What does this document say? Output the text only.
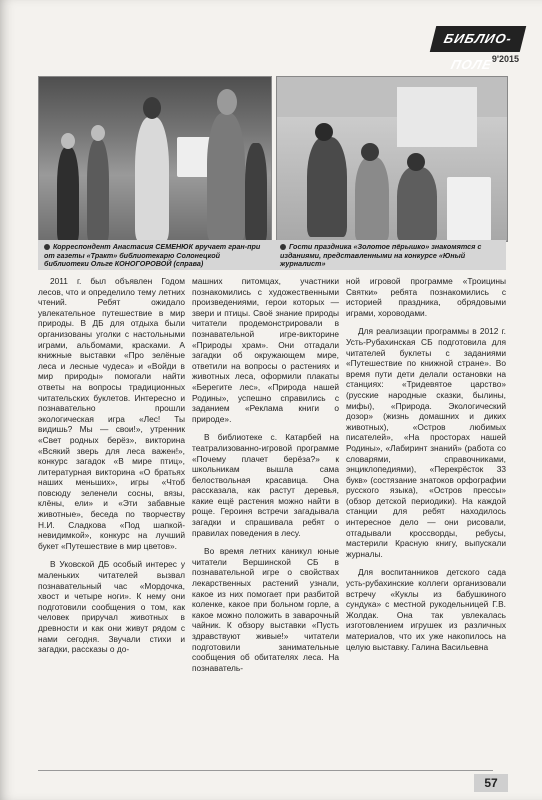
БИБЛИО-ПОЛЕ
9'2015
Корреспондент Анастасия СЕМЕНЮК вручает гран-при от газеты «Тракт» библиотекарю Солонецкой библиотеки Ольге КОНОГОРОВОЙ (справа)
Гости праздника «Золотое пёрышко» знакомятся с изданиями, представленными на конкурсе «Юный журналист»

2011 г. был объявлен Годом лесов, что и определило тему летних чтений. Ребят ожидало увлекательное путешествие в мир природы. В ДБ для отдыха были организованы уголки с настольными играми, альбомами, красками. А книжные выставки «Про зелёные леса и лесные чудеса» и «Войди в мир природы» помогали найти ответы на вопросы традиционных читательских буклетов. Интересно и познавательно прошли экологическая игра «Лес! Ты видишь? Мы — свои!», утренник «Свет родных берёз», викторина «Всякий зверь для леса важен!», конкурс загадок «В мире птиц», литературная викторина «О братьях наших меньших», игры «Чтоб повсюду зеленели сосны, вязы, клёны, ели» и «Эти забавные животные», беседа по творчеству Н.И. Сладкова «Под шапкой-невидимкой», конкурс на лучший букет «Путешествие в мир цветов».

В Уковской ДБ особый интерес у маленьких читателей вызвал познавательный час «Мордочка, хвост и четыре ноги». К нему они подготовили сообщения о том, как человек приручал животных в древности и как они живут рядом с нами сегодня. Звучали стихи и загадки, рассказы о до-

машних питомцах, участники познакомились с художественными произведениями, герои которых — звери и птицы. Своё знание природы читатели продемонстрировали в познавательной игре-викторине «Природы храм». Они отгадали загадки об окружающем мире, ответили на вопросы о растениях и животных леса, оформили плакаты «Берегите лес», «Природа нашей Родины», успешно справились с заданием «Реклама книги о природе».

В библиотеке с. Катарбей на театрализованно-игровой программе «Почему плачет берёза?» к школьникам вышла сама белоствольная красавица. Она рассказала, как растут деревья, какие ещё растения можно найти в роще. Героиня встречи загадывала загадки и спрашивала ребят о правилах поведения в лесу.

Во время летних каникул юные читатели Вершинской СБ в познавательной игре о свойствах лекарственных растений узнали, какое из них помогает при разбитой коленке, какое при больном горле, а какое можно положить в заварочный чайник. К обзору выставки «Пусть здравствуют живые!» читатели подготовили занимательные сообщения об обитателях леса. На познаватель-

ной игровой программе «Троицины Святки» ребята познакомились с историей праздника, обрядовыми играми, хороводами.

Для реализации программы в 2012 г. Усть-Рубахинская СБ подготовила для читателей буклеты с заданиями «Путешествие по книжной стране». Во время пути дети делали остановки на станциях: «Тридевятое царство» (русские народные сказки, былины, мифы), «Природа. Экологический дозор» (жизнь домашних и диких животных), «Остров любимых писателей», «На просторах нашей Родины», «Лабиринт знаний» (работа со словарями, справочниками, энциклопедиями), «Перекрёсток 33 букв» (состязание знатоков орфографии русского языка), «Остров прессы» (обзор детской периодики). На каждой станции для ребят находилось интересное дело — они рисовали, отгадывали кроссворды, ребусы, мастерили Красную книгу, выпускали журналы.

Для воспитанников детского сада усть-рубахинские коллеги организовали встречу «Куклы из бабушкиного сундука» с местной рукодельницей Г.В. Жолдак. Она так увлекалась изготовлением игрушек из различных материалов, что их уже накопилось на целую выставку. Галина Васильевна

57
